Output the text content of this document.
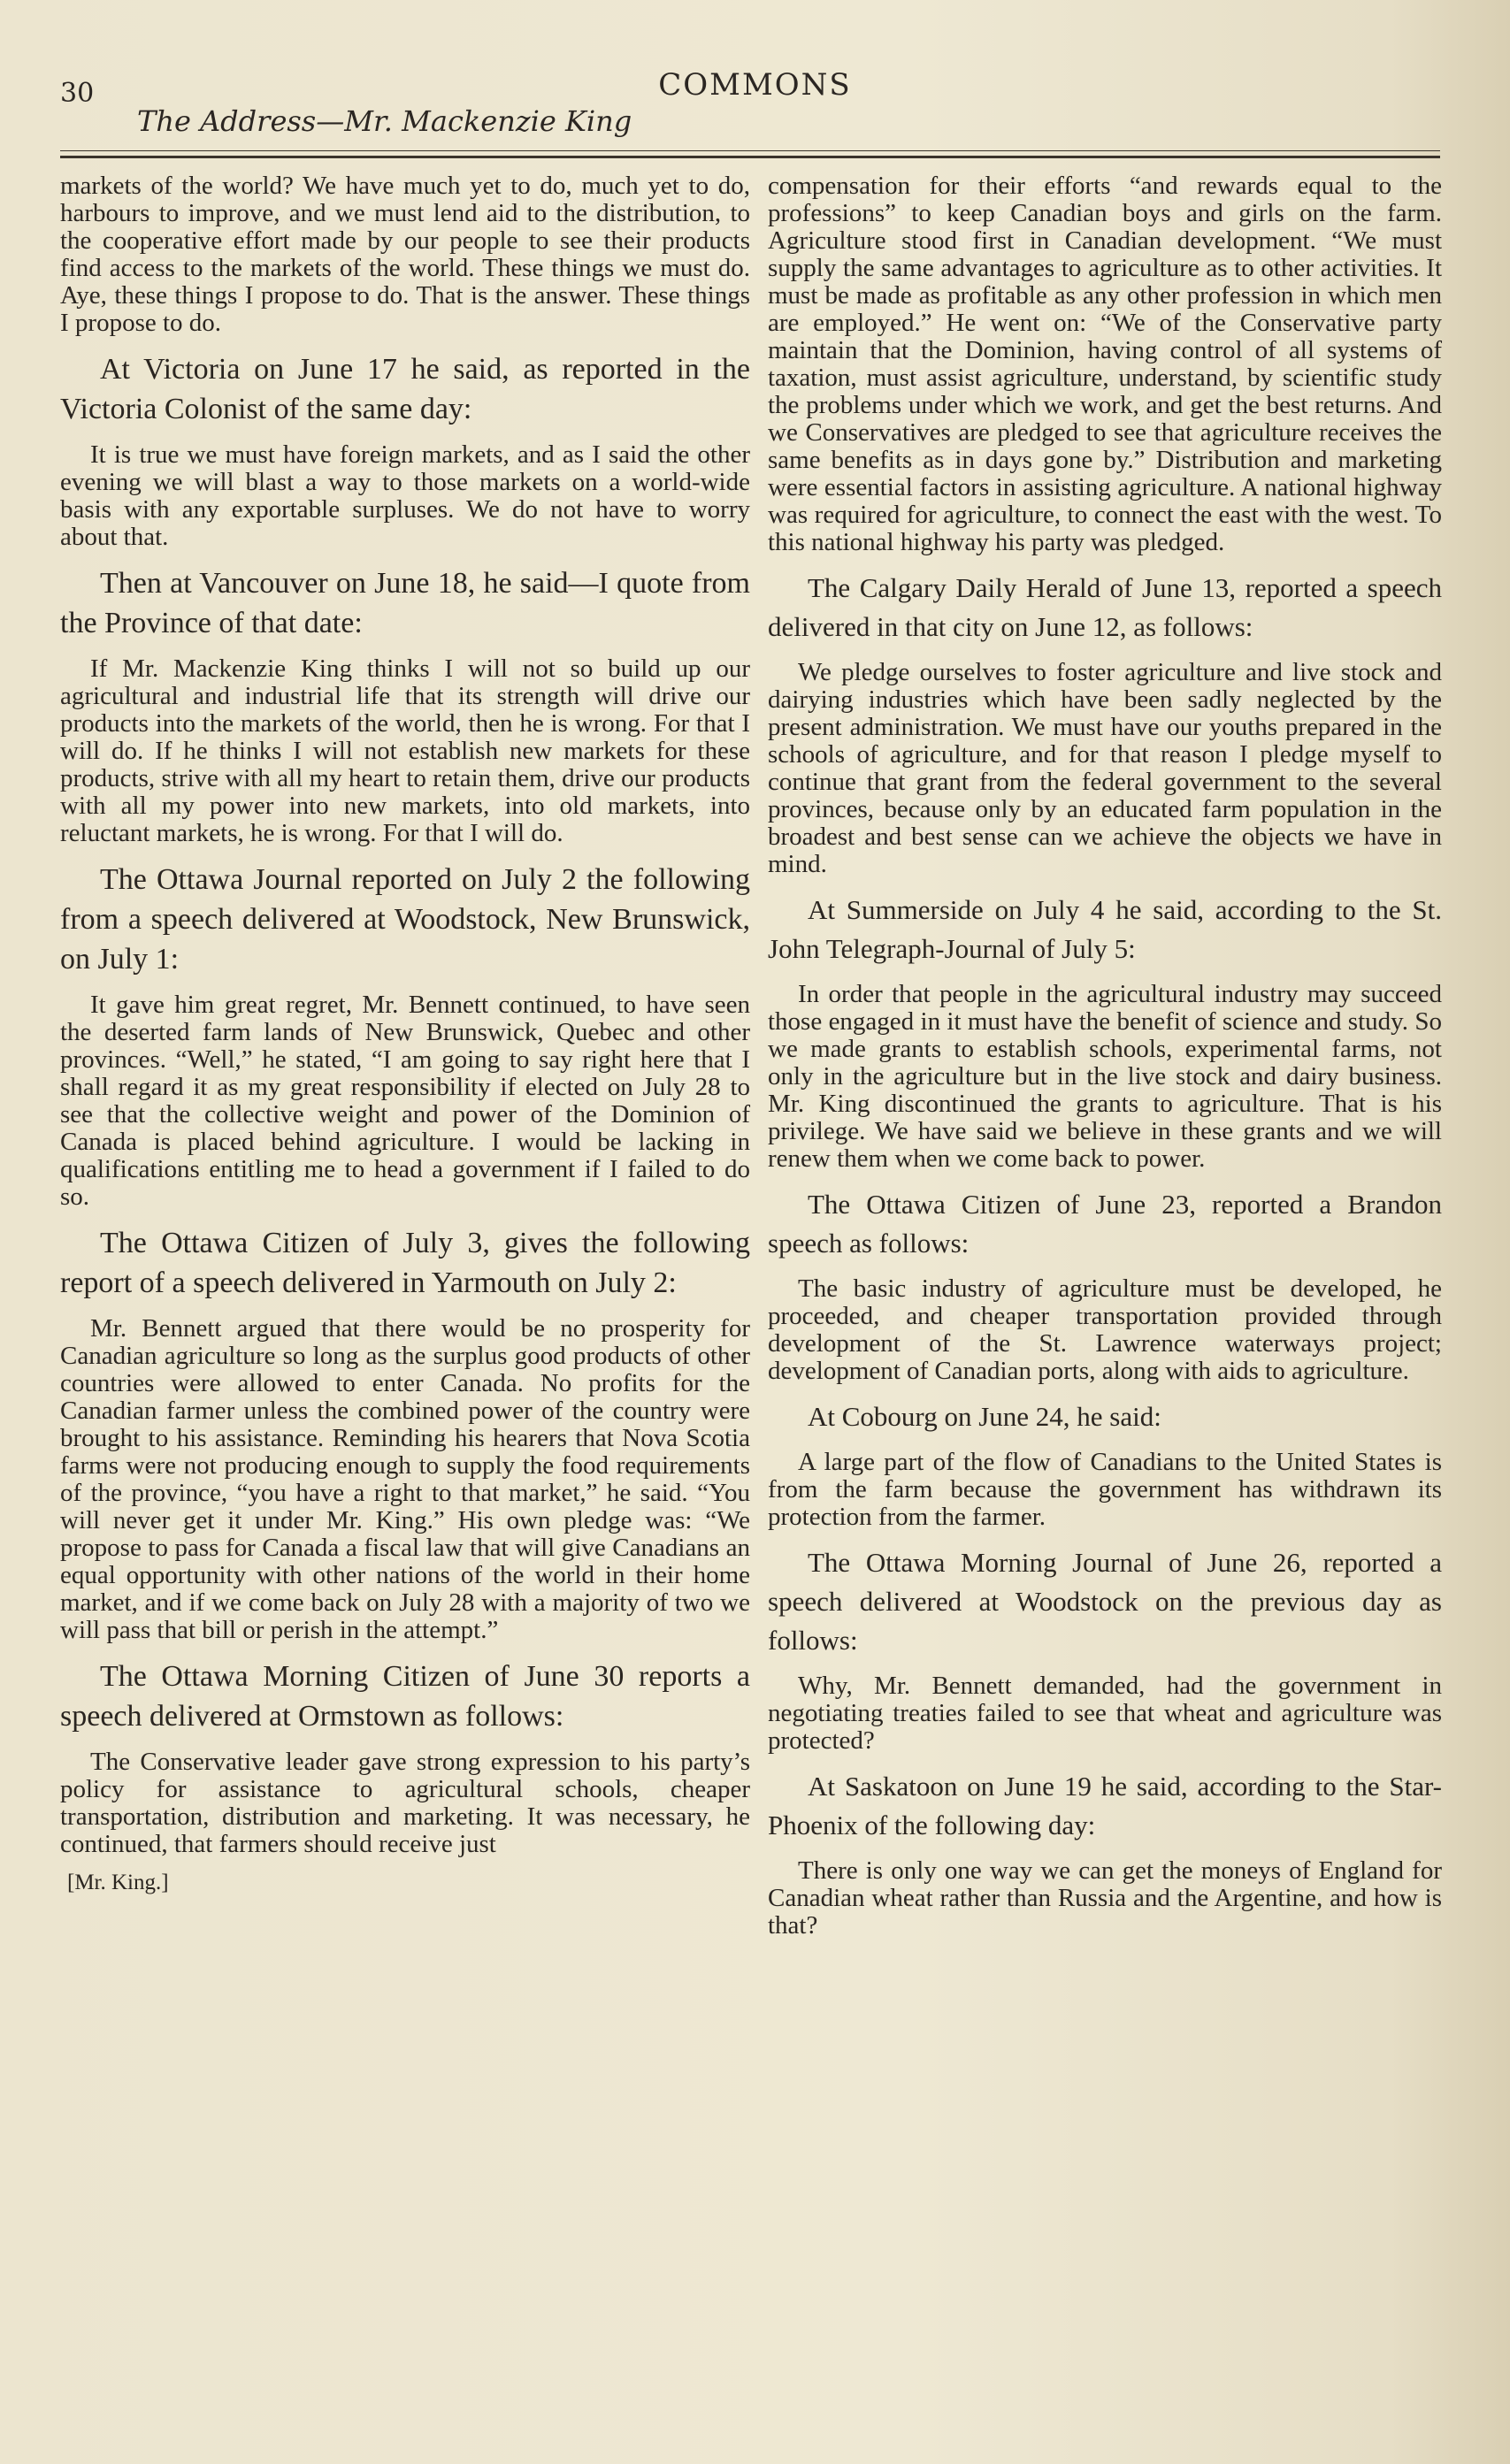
30	COMMONS
The Address—Mr. Mackenzie King

markets of the world? We have much yet to do, much yet to do, harbours to improve, and we must lend aid to the distribution, to the cooperative effort made by our people to see their products find access to the markets of the world. These things we must do. Aye, these things I propose to do. That is the answer. These things I propose to do.

At Victoria on June 17 he said, as reported in the Victoria Colonist of the same day:

It is true we must have foreign markets, and as I said the other evening we will blast a way to those markets on a world-wide basis with any exportable surpluses. We do not have to worry about that.

Then at Vancouver on June 18, he said—I quote from the Province of that date:

If Mr. Mackenzie King thinks I will not so build up our agricultural and industrial life that its strength will drive our products into the markets of the world, then he is wrong. For that I will do. If he thinks I will not establish new markets for these products, strive with all my heart to retain them, drive our products with all my power into new markets, into old markets, into reluctant markets, he is wrong. For that I will do.

The Ottawa Journal reported on July 2 the following from a speech delivered at Woodstock, New Brunswick, on July 1:

It gave him great regret, Mr. Bennett continued, to have seen the deserted farm lands of New Brunswick, Quebec and other provinces. “Well,” he stated, “I am going to say right here that I shall regard it as my great responsibility if elected on July 28 to see that the collective weight and power of the Dominion of Canada is placed behind agriculture. I would be lacking in qualifications entitling me to head a government if I failed to do so.

The Ottawa Citizen of July 3, gives the following report of a speech delivered in Yarmouth on July 2:

Mr. Bennett argued that there would be no prosperity for Canadian agriculture so long as the surplus good products of other countries were allowed to enter Canada. No profits for the Canadian farmer unless the combined power of the country were brought to his assistance. Reminding his hearers that Nova Scotia farms were not producing enough to supply the food requirements of the province, “you have a right to that market,” he said. “You will never get it under Mr. King.” His own pledge was: “We propose to pass for Canada a fiscal law that will give Canadians an equal opportunity with other nations of the world in their home market, and if we come back on July 28 with a majority of two we will pass that bill or perish in the attempt.”

The Ottawa Morning Citizen of June 30 reports a speech delivered at Ormstown as follows:

The Conservative leader gave strong expression to his party’s policy for assistance to agricultural schools, cheaper transportation, distribution and marketing. It was necessary, he continued, that farmers should receive just

[Mr. King.]

compensation for their efforts “and rewards equal to the professions” to keep Canadian boys and girls on the farm. Agriculture stood first in Canadian development. “We must supply the same advantages to agriculture as to other activities. It must be made as profitable as any other profession in which men are employed.” He went on: “We of the Conservative party maintain that the Dominion, having control of all systems of taxation, must assist agriculture, understand, by scientific study the problems under which we work, and get the best returns. And we Conservatives are pledged to see that agriculture receives the same benefits as in days gone by.” Distribution and marketing were essential factors in assisting agriculture. A national highway was required for agriculture, to connect the east with the west. To this national highway his party was pledged.

The Calgary Daily Herald of June 13, reported a speech delivered in that city on June 12, as follows:

We pledge ourselves to foster agriculture and live stock and dairying industries which have been sadly neglected by the present administration. We must have our youths prepared in the schools of agriculture, and for that reason I pledge myself to continue that grant from the federal government to the several provinces, because only by an educated farm population in the broadest and best sense can we achieve the objects we have in mind.

At Summerside on July 4 he said, according to the St. John Telegraph-Journal of July 5:

In order that people in the agricultural industry may succeed those engaged in it must have the benefit of science and study. So we made grants to establish schools, experimental farms, not only in the agriculture but in the live stock and dairy business. Mr. King discontinued the grants to agriculture. That is his privilege. We have said we believe in these grants and we will renew them when we come back to power.

The Ottawa Citizen of June 23, reported a Brandon speech as follows:

The basic industry of agriculture must be developed, he proceeded, and cheaper transportation provided through development of the St. Lawrence waterways project; development of Canadian ports, along with aids to agriculture.

At Cobourg on June 24, he said:

A large part of the flow of Canadians to the United States is from the farm because the government has withdrawn its protection from the farmer.

The Ottawa Morning Journal of June 26, reported a speech delivered at Woodstock on the previous day as follows:

Why, Mr. Bennett demanded, had the government in negotiating treaties failed to see that wheat and agriculture was protected?

At Saskatoon on June 19 he said, according to the Star-Phoenix of the following day:

There is only one way we can get the moneys of England for Canadian wheat rather than Russia and the Argentine, and how is that?
